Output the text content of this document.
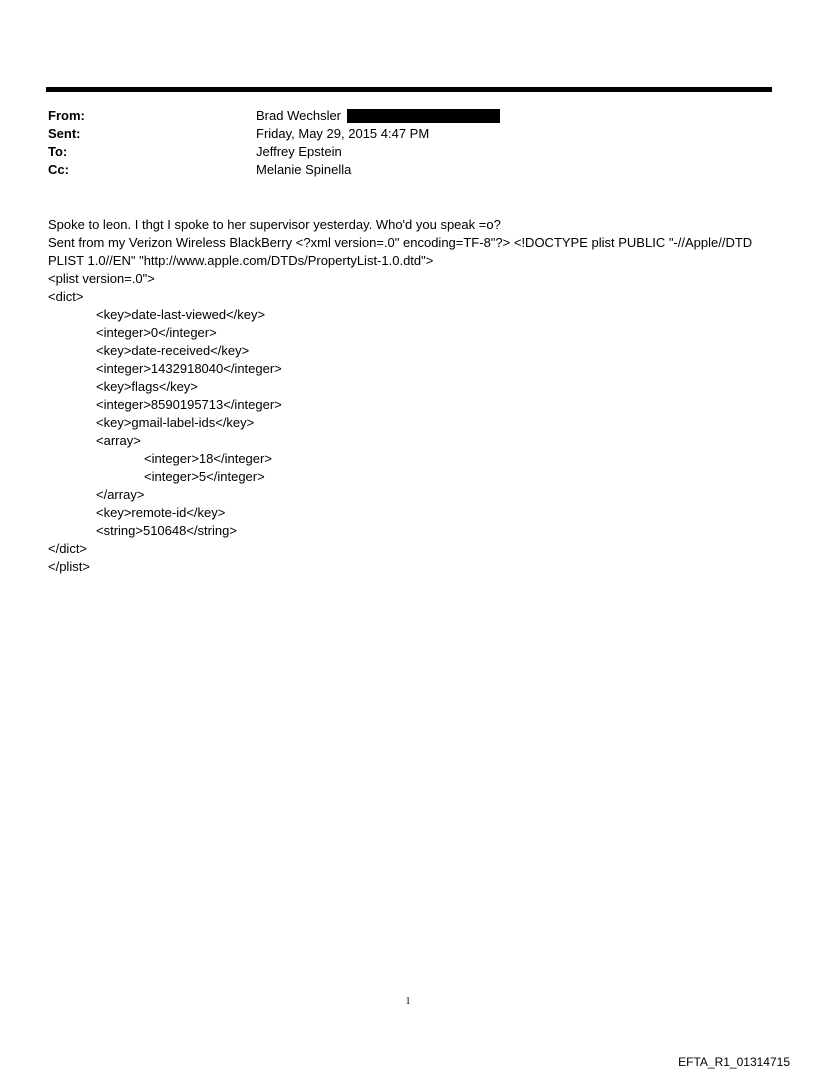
From:	Brad Wechsler
Sent:	Friday, May 29, 2015 4:47 PM
To:	Jeffrey Epstein
Cc:	Melanie Spinella

Spoke to leon. I thgt I spoke to her supervisor yesterday. Who'd you speak =o?

Sent from my Verizon Wireless BlackBerry <?xml version=.0" encoding=TF-8"?> <!DOCTYPE plist PUBLIC "-//Apple//DTD

PLIST 1.0//EN" "http://www.apple.com/DTDs/PropertyList-1.0.dtd">

<plist version=.0">

<dict>

<key>date-last-viewed</key>

<integer>0</integer>

<key>date-received</key>

<integer>1432918040</integer>

<key>flags</key>

<integer>8590195713</integer>

<key>gmail-label-ids</key>

<array>

<integer>18</integer>

<integer>5</integer>

</array>

<key>remote-id</key>

<string>510648</string>

</dict>

</plist>

1
EFTA_R1_01314715
